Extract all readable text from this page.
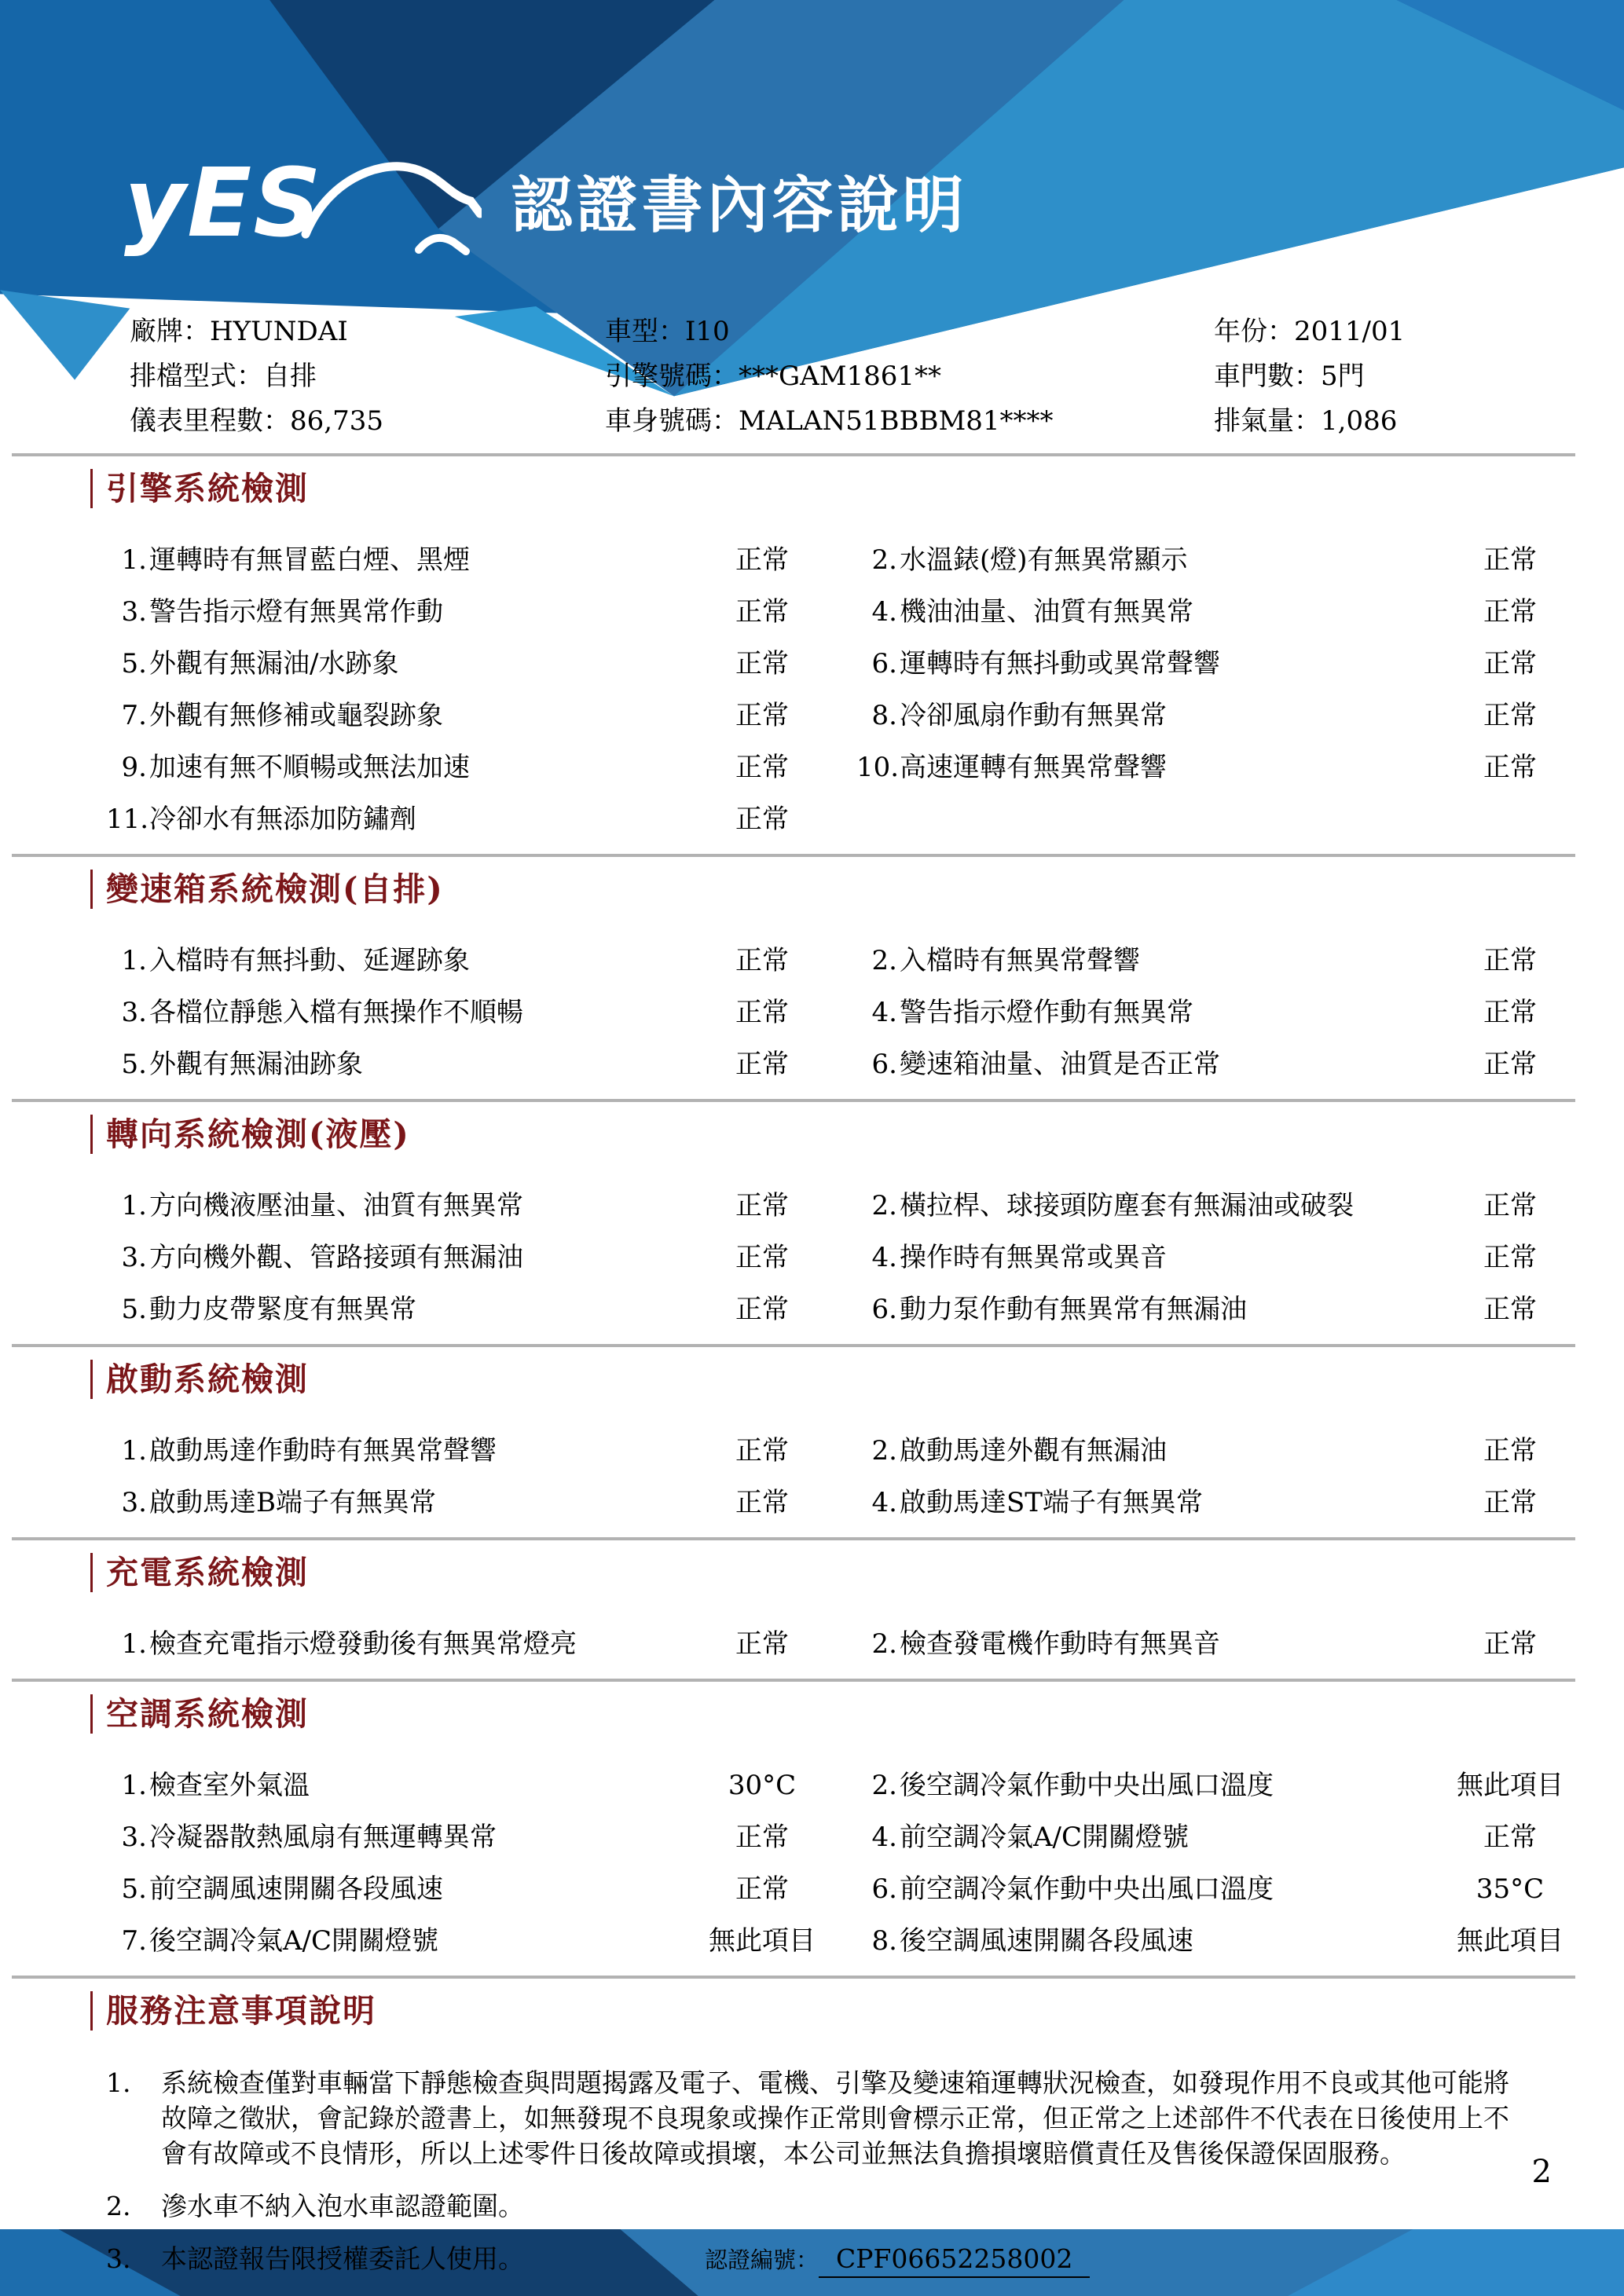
yES	認證書內容說明
廠牌：HYUNDAI
排檔型式：自排
儀表里程數：86,735
車型：I10
引擎號碼：***GAM1861**
車身號碼：MALAN51BBBM81****
年份：2011/01
車門數：5門
排氣量：1,086
引擎系統檢測
1. 運轉時有無冒藍白煙、黑煙	正常	2. 水溫錶(燈)有無異常顯示	正常
3. 警告指示燈有無異常作動	正常	4. 機油油量、油質有無異常	正常
5. 外觀有無漏油/水跡象	正常	6. 運轉時有無抖動或異常聲響	正常
7. 外觀有無修補或龜裂跡象	正常	8. 冷卻風扇作動有無異常	正常
9. 加速有無不順暢或無法加速	正常	10. 高速運轉有無異常聲響	正常
11. 冷卻水有無添加防鏽劑	正常
變速箱系統檢測(自排)
1. 入檔時有無抖動、延遲跡象	正常	2. 入檔時有無異常聲響	正常
3. 各檔位靜態入檔有無操作不順暢	正常	4. 警告指示燈作動有無異常	正常
5. 外觀有無漏油跡象	正常	6. 變速箱油量、油質是否正常	正常
轉向系統檢測(液壓)
1. 方向機液壓油量、油質有無異常	正常	2. 橫拉桿、球接頭防塵套有無漏油或破裂	正常
3. 方向機外觀、管路接頭有無漏油	正常	4. 操作時有無異常或異音	正常
5. 動力皮帶緊度有無異常	正常	6. 動力泵作動有無異常有無漏油	正常
啟動系統檢測
1. 啟動馬達作動時有無異常聲響	正常	2. 啟動馬達外觀有無漏油	正常
3. 啟動馬達B端子有無異常	正常	4. 啟動馬達ST端子有無異常	正常
充電系統檢測
1. 檢查充電指示燈發動後有無異常燈亮	正常	2. 檢查發電機作動時有無異音	正常
空調系統檢測
1. 檢查室外氣溫	30°C	2. 後空調冷氣作動中央出風口溫度	無此項目
3. 冷凝器散熱風扇有無運轉異常	正常	4. 前空調冷氣A/C開關燈號	正常
5. 前空調風速開關各段風速	正常	6. 前空調冷氣作動中央出風口溫度	35°C
7. 後空調冷氣A/C開關燈號	無此項目	8. 後空調風速開關各段風速	無此項目
服務注意事項說明
1.	系統檢查僅對車輛當下靜態檢查與問題揭露及電子、電機、引擎及變速箱運轉狀況檢查，如發現作用不良或其他可能將故障之徵狀，會記錄於證書上，如無發現不良現象或操作正常則會標示正常，但正常之上述部件不代表在日後使用上不會有故障或不良情形，所以上述零件日後故障或損壞，本公司並無法負擔損壞賠償責任及售後保證保固服務。
2.	滲水車不納入泡水車認證範圍。
3.	本認證報告限授權委託人使用。	認證編號： CPF06652258002
2
